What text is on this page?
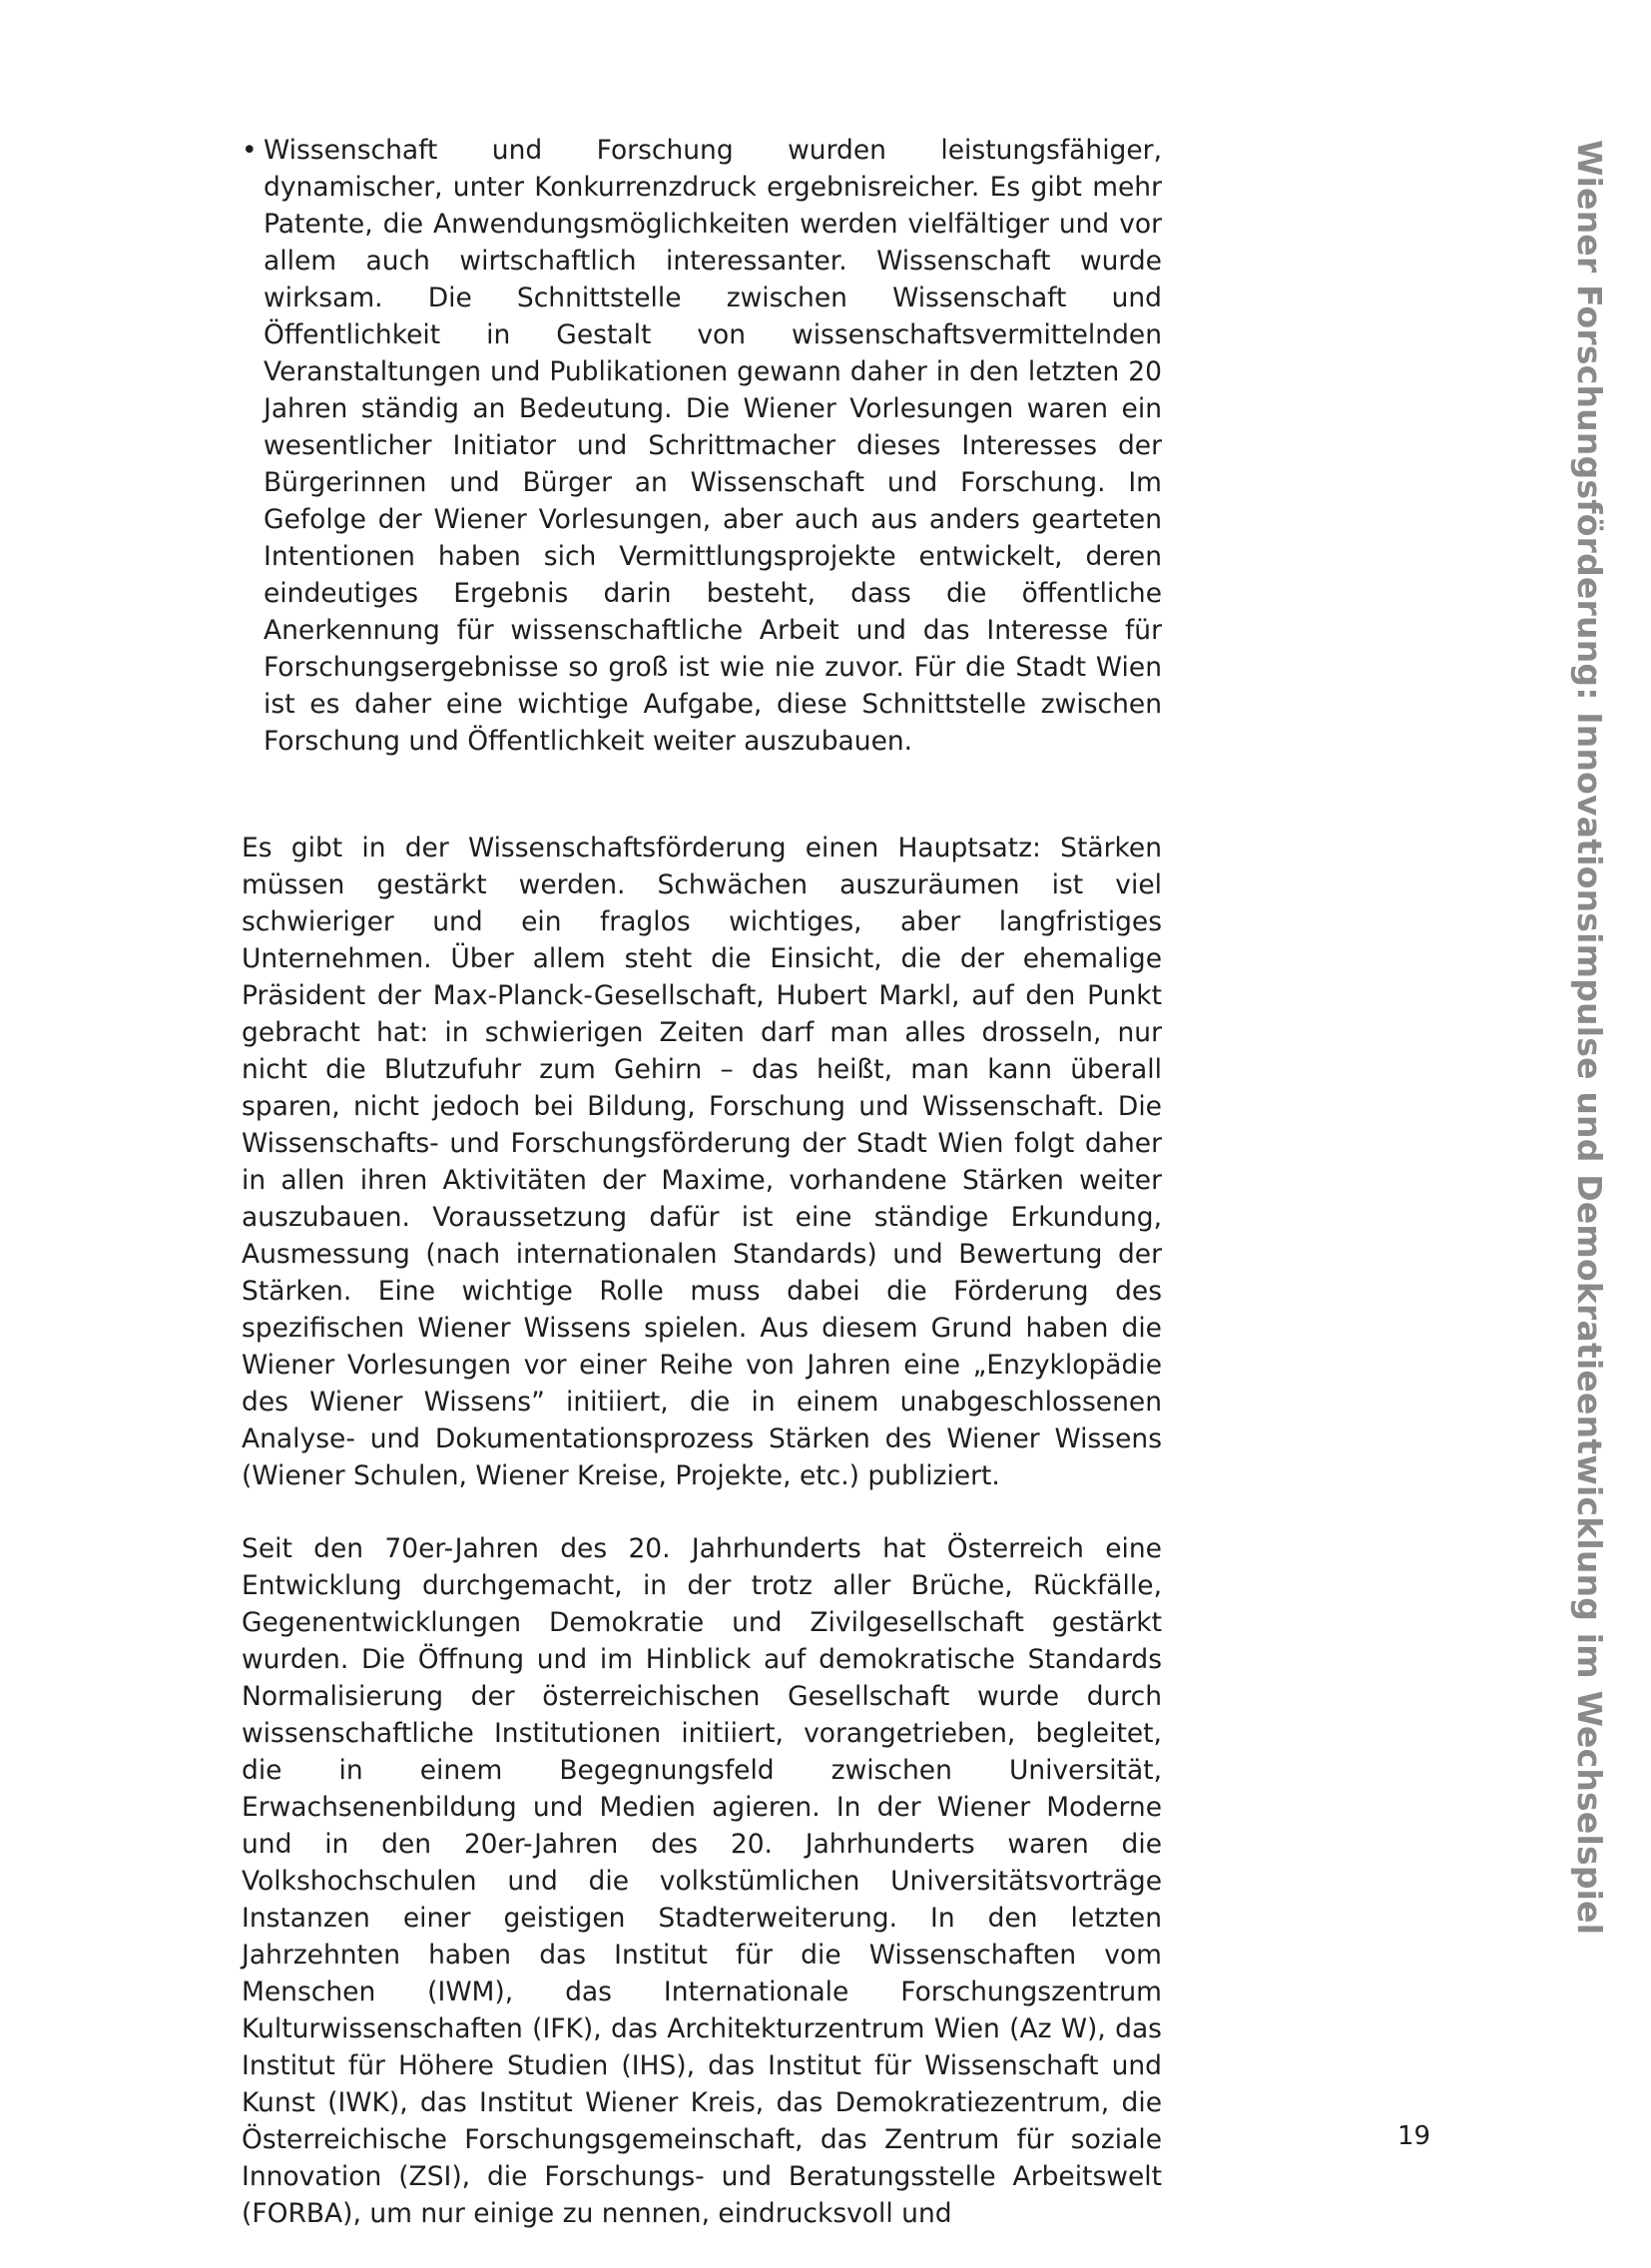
• Wissenschaft und Forschung wurden leistungsfähiger, dynamischer, unter Konkurrenzdruck ergebnisreicher. Es gibt mehr Patente, die Anwendungsmöglichkeiten werden vielfältiger und vor allem auch wirtschaftlich interessanter. Wissenschaft wurde wirksam. Die Schnittstelle zwischen Wissenschaft und Öffentlichkeit in Gestalt von wissenschaftsvermittelnden Veranstaltungen und Publikationen gewann daher in den letzten 20 Jahren ständig an Bedeutung. Die Wiener Vorlesungen waren ein wesentlicher Initiator und Schrittmacher dieses Interesses der Bürgerinnen und Bürger an Wissenschaft und Forschung. Im Gefolge der Wiener Vorlesungen, aber auch aus anders gearteten Intentionen haben sich Vermittlungsprojekte entwickelt, deren eindeutiges Ergebnis darin besteht, dass die öffentliche Anerkennung für wissenschaftliche Arbeit und das Interesse für Forschungsergebnisse so groß ist wie nie zuvor. Für die Stadt Wien ist es daher eine wichtige Aufgabe, diese Schnittstelle zwischen Forschung und Öffentlichkeit weiter auszubauen.

Es gibt in der Wissenschaftsförderung einen Hauptsatz: Stärken müssen gestärkt werden. Schwächen auszuräumen ist viel schwieriger und ein fraglos wichtiges, aber langfristiges Unternehmen. Über allem steht die Einsicht, die der ehemalige Präsident der Max-Planck-Gesellschaft, Hubert Markl, auf den Punkt gebracht hat: in schwierigen Zeiten darf man alles drosseln, nur nicht die Blutzufuhr zum Gehirn – das heißt, man kann überall sparen, nicht jedoch bei Bildung, Forschung und Wissenschaft. Die Wissenschafts- und Forschungsförderung der Stadt Wien folgt daher in allen ihren Aktivitäten der Maxime, vorhandene Stärken weiter auszubauen. Voraussetzung dafür ist eine ständige Erkundung, Ausmessung (nach internationalen Standards) und Bewertung der Stärken. Eine wichtige Rolle muss dabei die Förderung des spezifischen Wiener Wissens spielen. Aus diesem Grund haben die Wiener Vorlesungen vor einer Reihe von Jahren eine „Enzyklopädie des Wiener Wissens” initiiert, die in einem unabgeschlossenen Analyse- und Dokumentationsprozess Stärken des Wiener Wissens (Wiener Schulen, Wiener Kreise, Projekte, etc.) publiziert.

Seit den 70er-Jahren des 20. Jahrhunderts hat Österreich eine Entwicklung durchgemacht, in der trotz aller Brüche, Rückfälle, Gegenentwicklungen Demokratie und Zivilgesellschaft gestärkt wurden. Die Öffnung und im Hinblick auf demokratische Standards Normalisierung der österreichischen Gesellschaft wurde durch wissenschaftliche Institutionen initiiert, vorangetrieben, begleitet, die in einem Begegnungsfeld zwischen Universität, Erwachsenenbildung und Medien agieren. In der Wiener Moderne und in den 20er-Jahren des 20. Jahrhunderts waren die Volkshochschulen und die volkstümlichen Universitätsvorträge Instanzen einer geistigen Stadterweiterung. In den letzten Jahrzehnten haben das Institut für die Wissenschaften vom Menschen (IWM), das Internationale Forschungszentrum Kulturwissenschaften (IFK), das Architekturzentrum Wien (Az W), das Institut für Höhere Studien (IHS), das Institut für Wissenschaft und Kunst (IWK), das Institut Wiener Kreis, das Demokratiezentrum, die Österreichische Forschungsgemeinschaft, das Zentrum für soziale Innovation (ZSI), die Forschungs- und Beratungsstelle Arbeitswelt (FORBA), um nur einige zu nennen, eindrucksvoll und

Wiener Forschungsförderung: Innovationsimpulse und Demokratieentwicklung im Wechselspiel
19
